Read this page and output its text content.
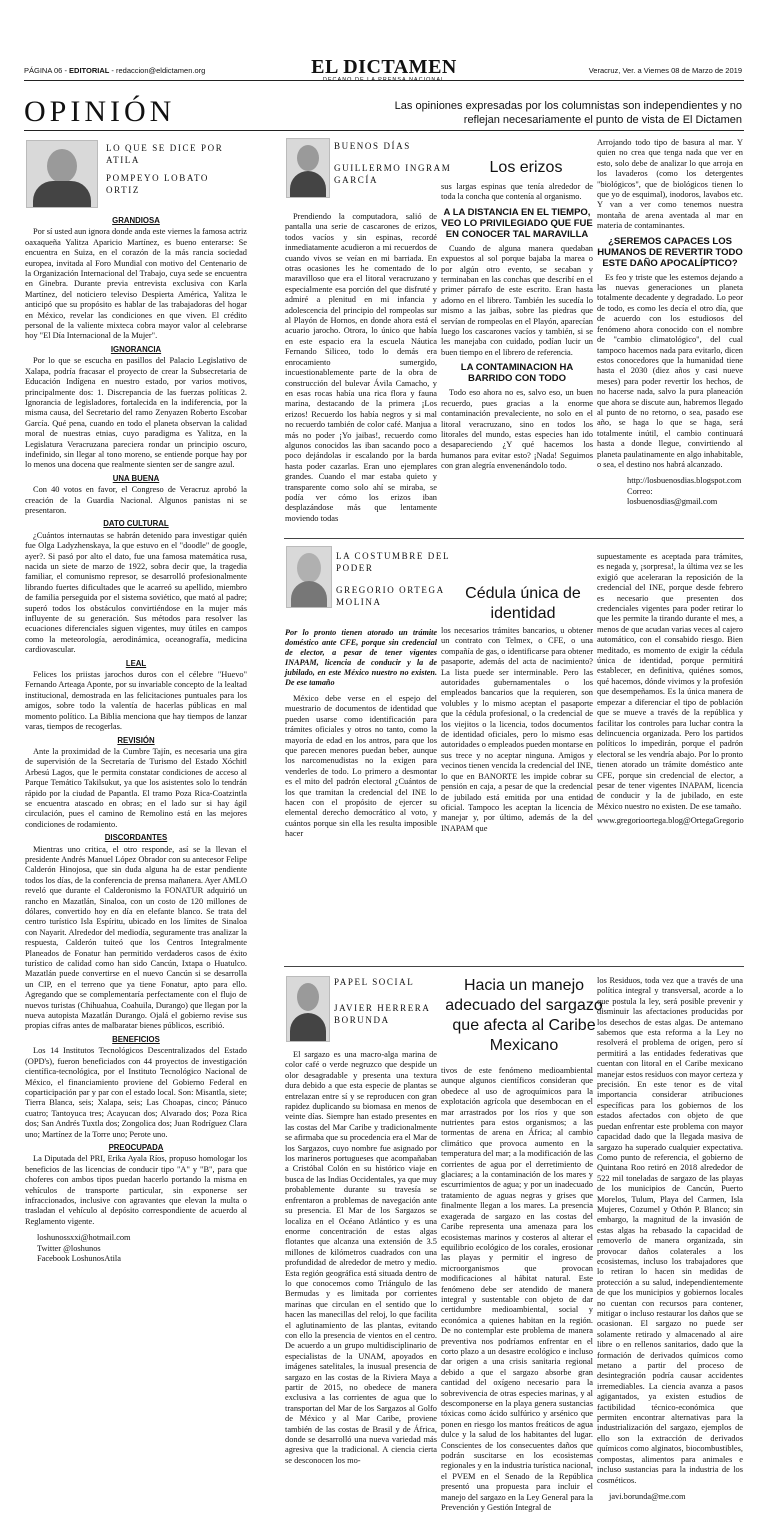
PÁGINA 06 - EDITORIAL - redaccion@eldictamen.org	EL DICTAMEN	Veracruz, Ver. a Viernes 08 de Marzo de 2019
OPINIÓN	Las opiniones expresadas por los columnistas son independientes y no reflejan necesariamente el punto de vista de El Dictamen
LO QUE SE DICE POR ATILA
POMPEYO LOBATO ORTIZ
GRANDIOSA

Por sí usted aun ignora donde anda este viernes la famosa actriz oaxaqueña Yalitza Aparicio Martínez, es bueno enterarse: Se encuentra en Suiza, en el corazón de la más rancia sociedad europea, invitada al Foro Mundial con motivo del Centenario de la Organización Internacional del Trabajo, cuya sede se encuentra en Ginebra. Durante previa entrevista exclusiva con Karla Martínez, del noticiero televiso Despierta América, Yalitza le anticipó que su propósito es hablar de las trabajadoras del hogar en México, revelar las condiciones en que viven. El crédito personal de la valiente mixteca cobra mayor valor al celebrarse hoy "El Día Internacional de la Mujer".

IGNORANCIA

Por lo que se escucha en pasillos del Palacio Legislativo de Xalapa, podría fracasar el proyecto de crear la Subsecretaria de Educación Indígena en nuestro estado, por varios motivos, principalmente dos: 1. Discrepancia de las fuerzas políticas 2. Ignorancia de legisladores, fortalecida en la indiferencia, por la misma causa, del Secretario del ramo Zenyazen Roberto Escobar García. Qué pena, cuando en todo el planeta observan la calidad moral de nuestras etnias, cuyo paradigma es Yalitza, en la Legislatura Veracruzana pareciera rondar un principio oscuro, indefinido, sin llegar al tono moreno, se entiende porque hay por lo menos una docena que realmente sienten ser de sangre azul.

UNA BUENA

Con 40 votos en favor, el Congreso de Veracruz aprobó la creación de la Guardia Nacional. Algunos panistas ni se presentaron.

DATO CULTURAL

¿Cuántos internautas se habrán detenido para investigar quién fue Olga Ladyzhenskaya, la que estuvo en el "doodle" de google, ayer?. Si pasó por alto el dato, fue una famosa matemática rusa, nacida un siete de marzo de 1922, sobra decir que, la tragedia familiar, el comunismo represor, se desarrolló profesionalmente librando fuertes dificultades que le acarreó su apellido, miembro de familia perseguida por el sistema soviético, que mató al padre; superó todos los obstáculos convirtiéndose en la mujer más influyente de su generación. Sus métodos para resolver las ecuaciones diferenciales siguen vigentes, muy útiles en campos como la meteorología, aerodinámica, oceanografía, medicina cardiovascular.

LEAL

Felices los priistas jarochos duros con el célebre "Huevo" Fernando Arteaga Aponte, por su invariable concepto de la lealtad institucional, demostrada en las felicitaciones puntuales para los amigos, sobre todo la valentía de hacerlas públicas en mal momento político. La Biblia menciona que hay tiempos de lanzar varas, tiempos de recogerlas.

REVISIÓN

Ante la proximidad de la Cumbre Tajín, es necesaria una gira de supervisión de la Secretaría de Turismo del Estado Xóchitl Arbesú Lagos, que le permita constatar condiciones de acceso al Parque Temático Takilsukut, ya que los asistentes solo lo tendrán rápido por la ciudad de Papantla. El tramo Poza Rica-Coatzintla se encuentra atascado en obras; en el lado sur si hay ágil circulación, pues el camino de Remolino está en las mejores condiciones de rodamiento.

DISCORDANTES

Mientras uno critica, el otro responde, así se la llevan el presidente Andrés Manuel López Obrador con su antecesor Felipe Calderón Hinojosa, que sin duda alguna ha de estar pendiente todos los días, de la conferencia de prensa mañanera. Ayer AMLO reveló que durante el Calderonismo la FONATUR adquirió un rancho en Mazatlán, Sinaloa, con un costo de 120 millones de dólares, convertido hoy en día en elefante blanco. Se trata del centro turístico Isla Espíritu, ubicado en los límites de Sinaloa con Nayarit. Alrededor del mediodía, seguramente tras analizar la respuesta, Calderón tuiteó que los Centros Integralmente Planeados de Fonatur han permitido verdaderos casos de éxito turístico de calidad como han sido Cancún, Ixtapa o Huatulco. Mazatlán puede convertirse en el nuevo Cancún si se desarrolla un CIP, en el terreno que ya tiene Fonatur, apto para ello. Agregando que se complementaría perfectamente con el flujo de nuevos turistas (Chihuahua, Coahuila, Durango) que llegan por la nueva autopista Mazatlán Durango. Ojalá el gobierno revise sus propias cifras antes de malbaratar bienes públicos, escribió.

BENEFICIOS

Los 14 Institutos Tecnológicos Descentralizados del Estado (OPD's), fueron beneficiados con 44 proyectos de investigación científica-tecnológica, por el Instituto Tecnológico Nacional de México, el financiamiento proviene del Gobierno Federal en coparticipación par y par con el estado local. Son: Misantla, siete; Tierra Blanca, seis; Xalapa, seis; Las Choapas, cinco; Pánuco cuatro; Tantoyuca tres; Acayucan dos; Alvarado dos; Poza Rica dos; San Andrés Tuxtla dos; Zongolica dos; Juan Rodríguez Clara uno; Martínez de la Torre uno; Perote uno.

PREOCUPADA

La Diputada del PRI, Erika Ayala Ríos, propuso homologar los beneficios de las licencias de conducir tipo "A" y "B", para que choferes con ambos tipos puedan hacerlo portando la misma en vehículos de transporte particular, sin exponerse ser infraccionados, inclusive con agravantes que elevan la multa o trasladan el vehículo al depósito correspondiente de acuerdo al Reglamento vigente.

loshunossxxi@hotmail.com
Twitter @loshunos
Facebook LoshunosAtila
BUENOS DÍAS
GUILLERMO INGRAM GARCÍA
Los erizos

Prendiendo la computadora, salió de pantalla una serie de cascarones de erizos, todos vacíos y sin espinas, recordé inmediatamente acudieron a mi recuerdos de cuando vivos se veían en mi barriada. En otras ocasiones les he comentado de lo maravilloso que era el litoral veracruzano y especialmente esa porción del que disfruté y admiré a plenitud en mi infancia y adolescencia del principio del rompeolas sur al Playón de Hornos, en donde ahora está el acuario jarocho. Otrora, lo único que había en este espacio era la escuela Náutica Fernando Siliceo, todo lo demás era enrocamiento sumergido, incuestionablemente parte de la obra de construcción del bulevar Ávila Camacho, y en esas rocas había una rica flora y fauna marina, destacando de la primera ¡Los erizos! Recuerdo los había negros y si mal no recuerdo también de color café. Manjua a más no poder ¡Yo jaibas!, recuerdo como algunos conocidos las iban sacando poco a poco dejándolas ir escalando por la barda hasta poder cazarlas. Eran uno ejemplares grandes. Cuando el mar estaba quieto y transparente como solo ahí se miraba, se podía ver cómo los erizos iban desplazándose más que lentamente moviendo todas

sus largas espinas que tenía alrededor de toda la concha que contenía al organismo.

A LA DISTANCIA EN EL TIEMPO, VEO LO PRIVILEGIADO QUE FUE EN CONOCER TAL MARAVILLA

Cuando de alguna manera quedaban expuestos al sol porque bajaba la marea o por algún otro evento, se secaban y terminaban en las conchas que describí en el primer párrafo de este escrito. Eran hasta adorno en el librero. También les sucedía lo mismo a las jaibas, sobre las piedras que servían de rompeolas en el Playón, aparecían luego los cascarones vacíos y también, si se les manejaba con cuidado, podían lucir un buen tiempo en el librero de referencia.

LA CONTAMINACION HA BARRIDO CON TODO

Todo eso ahora no es, salvo eso, un buen recuerdo, pues gracias a la enorme contaminación prevaleciente, no solo en el litoral veracruzano, sino en todos los litorales del mundo, estas especies han ido desapareciendo ¿Y qué hacemos los humanos para evitar esto? ¡Nada! Seguimos con gran alegría envenenándolo todo.

Arrojando todo tipo de basura al mar. Y quien no crea que tenga nada que ver en esto, solo debe de analizar lo que arroja en los lavaderos (como los detergentes "biológicos", que de biológicos tienen lo que yo de esquimal), inodoros, lavabos etc. Y van a ver como tenemos nuestra montaña de arena aventada al mar en materia de contaminantes.

¿SEREMOS CAPACES LOS HUMANOS DE REVERTIR TODO ESTE DAÑO APOCALÍPTICO?

Es feo y triste que les estemos dejando a las nuevas generaciones un planeta totalmente decadente y degradado. Lo peor de todo, es como les decía el otro día, que de acuerdo con los estudiosos del fenómeno ahora conocido con el nombre de "cambio climatológico", del cual tampoco hacemos nada para evitarlo, dicen estos conocedores que la humanidad tiene hasta el 2030 (diez años y casi nueve meses) para poder revertir los hechos, de no hacerse nada, salvo la pura planeación que ahora se discute aun, habremos llegado al punto de no retorno, o sea, pasado ese año, se haga lo que se haga, será totalmente inútil, el cambio continuará hasta a donde llegue, convirtiendo al planeta paulatinamente en algo inhabitable, o sea, el destino nos habrá alcanzado.

http://losbuenosdias.blogspot.com
Correo: losbuenosdias@gmail.com
LA COSTUMBRE DEL PODER
GREGORIO ORTEGA MOLINA	Cédula única de identidad
Por lo pronto tienen atorado un trámite doméstico ante CFE, porque sin credencial de elector, a pesar de tener vigentes INAPAM, licencia de conducir y la de jubilado, en este México nuestro no existen. De ese tamaño

México debe verse en el espejo del muestrario de documentos de identidad que pueden usarse como identificación para trámites oficiales y otros no tanto, como la mayoría de edad en los antros, para que los que parecen menores puedan beber, aunque los narcomenudistas no la exigen para venderles de todo. Lo primero a desmontar es el mito del padrón electoral ¿Cuántos de los que tramitan la credencial del INE lo hacen con el propósito de ejercer su elemental derecho democrático al voto, y cuántos porque sin ella les resulta imposible hacer

los necesarios trámites bancarios, u obtener un contrato con Telmex, o CFE, o una compañía de gas, o identificarse para obtener pasaporte, además del acta de nacimiento? La lista puede ser interminable. Pero las autoridades gubernamentales o los empleados bancarios que la requieren, son volubles y lo mismo aceptan el pasaporte que la cédula profesional, o la credencial de los viejitos o la licencia, todos documentos de identidad oficiales, pero lo mismo esas autoridades o empleados pueden montarse en sus trece y no aceptar ninguna. Amigos y vecinos tienen vencida la credencial del INE, lo que en BANORTE les impide cobrar su pensión en caja, a pesar de que la credencial de jubilado está emitida por una entidad oficial. Tampoco les aceptan la licencia de manejar y, por último, además de la del INAPAM que

supuestamente es aceptada para trámites, es negada y, ¡sorpresa!, la última vez se les exigió que aceleraran la reposición de la credencial del INE, porque desde febrero es necesario que presenten dos credenciales vigentes para poder retirar lo que les permite la tirando durante el mes, a menos de que acudan varias veces al cajero automático, con el consabido riesgo. Bien meditado, es momento de exigir la cédula única de identidad, porque permitirá establecer, en definitiva, quiénes somos, qué hacemos, dónde vivimos y la profesión que desempeñamos. Es la única manera de empezar a diferenciar el tipo de población que se mueve a través de la república y facilitar los controles para luchar contra la delincuencia organizada. Pero los partidos políticos lo impedirán, porque el padrón electoral se les vendría abajo. Por lo pronto tienen atorado un trámite doméstico ante CFE, porque sin credencial de elector, a pesar de tener vigentes INAPAM, licencia de conducir y la de jubilado, en este México nuestro no existen. De ese tamaño.

www.gregorioortega.blog @OrtegaGregorio
PAPEL SOCIAL
JAVIER HERRERA BORUNDA
Hacia un manejo adecuado del sargazo que afecta al Caribe Mexicano

El sargazo es una macro-alga marina de color café o verde negruzco que despide un olor desagradable y presenta una textura dura debido a que esta especie de plantas se entrelazan entre sí y se reproducen con gran rapidez duplicando su biomasa en menos de veinte días. Siempre han estado presentes en las costas del Mar Caribe y tradicionalmente se afirmaba que su procedencia era el Mar de los Sargazos, cuyo nombre fue asignado por los marineros portugueses que acompañaban a Cristóbal Colón en su histórico viaje en busca de las Indias Occidentales, ya que muy probablemente durante su travesía se enfrentaron a problemas de navegación ante su presencia. El Mar de los Sargazos se localiza en el Océano Atlántico y es una enorme concentración de estas algas flotantes que alcanza una extensión de 3.5 millones de kilómetros cuadrados con una profundidad de alrededor de metro y medio. Esta región geográfica está situada dentro de lo que conocemos como Triángulo de las Bermudas y es limitada por corrientes marinas que circulan en el sentido que lo hacen las manecillas del reloj, lo que facilita el aglutinamiento de las plantas, evitando con ello la presencia de vientos en el centro. De acuerdo a un grupo multidisciplinario de especialistas de la UNAM, apoyados en imágenes satelitales, la inusual presencia de sargazo en las costas de la Riviera Maya a partir de 2015, no obedece de manera exclusiva a las corrientes de agua que lo transportan del Mar de los Sargazos al Golfo de México y al Mar Caribe, proviene también de las costas de Brasil y de África, donde se desarrolló una nueva variedad más agresiva que la tradicional. A ciencia cierta se desconocen los mo-

tivos de este fenómeno medioambiental aunque algunos científicos consideran que obedece al uso de agroquímicos para la explotación agrícola que desembocan en el mar arrastrados por los ríos y que son nutrientes para estos organismos; a las tormentas de arena en África; al cambio climático que provoca aumento en la temperatura del mar; a la modificación de las corrientes de agua por el derretimiento de glaciares; a la contaminación de los mares y escurrimientos de agua; y por un inadecuado tratamiento de aguas negras y grises que finalmente llegan a los mares. La presencia exagerada de sargazo en las costas del Caribe representa una amenaza para los ecosistemas marinos y costeros al alterar el equilibrio ecológico de los corales, erosionar las playas y permitir el ingreso de microorganismos que provocan modificaciones al hábitat natural. Este fenómeno debe ser atendido de manera integral y sustentable con objeto de dar certidumbre medioambiental, social y económica a quienes habitan en la región. De no contemplar este problema de manera preventiva nos podríamos enfrentar en el corto plazo a un desastre ecológico e incluso dar origen a una crisis sanitaria regional debido a que el sargazo absorbe gran cantidad del oxígeno necesario para la sobrevivencia de otras especies marinas, y al descomponerse en la playa genera sustancias tóxicas como ácido sulfúrico y arsénico que ponen en riesgo los mantos freáticos de agua dulce y la salud de los habitantes del lugar. Conscientes de los consecuentes daños que podrán suscitarse en los ecosistemas regionales y en la industria turística nacional, el PVEM en el Senado de la República presentó una propuesta para incluir el manejo del sargazo en la Ley General para la Prevención y Gestión Integral de

los Residuos, toda vez que a través de una política integral y transversal, acorde a lo que postula la ley, será posible prevenir y disminuir las afectaciones producidas por los desechos de estas algas. De antemano sabemos que esta reforma a la Ley no resolverá el problema de origen, pero sí permitirá a las entidades federativas que cuentan con litoral en el Caribe mexicano manejar estos residuos con mayor certeza y precisión. En este tenor es de vital importancia considerar atribuciones específicas para los gobiernos de los estados afectados con objeto de que puedan enfrentar este problema con mayor capacidad dado que la llegada masiva de sargazo ha superado cualquier expectativa. Como punto de referencia, el gobierno de Quintana Roo retiró en 2018 alrededor de 522 mil toneladas de sargazo de las playas de los municipios de Cancún, Puerto Morelos, Tulum, Playa del Carmen, Isla Mujeres, Cozumel y Othón P. Blanco; sin embargo, la magnitud de la invasión de estas algas ha rebasado la capacidad de removerlo de manera organizada, sin provocar daños colaterales a los ecosistemas, incluso los trabajadores que lo retiran lo hacen sin medidas de protección a su salud, independientemente de que los municipios y gobiernos locales no cuentan con recursos para contener, mitigar o incluso restaurar los daños que se ocasionan. El sargazo no puede ser solamente retirado y almacenado al aire libre o en rellenos sanitarios, dado que la formación de derivados químicos como metano a partir del proceso de desintegración podría causar accidentes irremediables. La ciencia avanza a pasos agigantados, ya existen estudios de factibilidad técnico-económica que permiten encontrar alternativas para la industrialización del sargazo, ejemplos de ello son la extracción de derivados químicos como alginatos, biocombustibles, compostas, alimentos para animales e incluso sustancias para la industria de los cosméticos.

javi.borunda@me.com
